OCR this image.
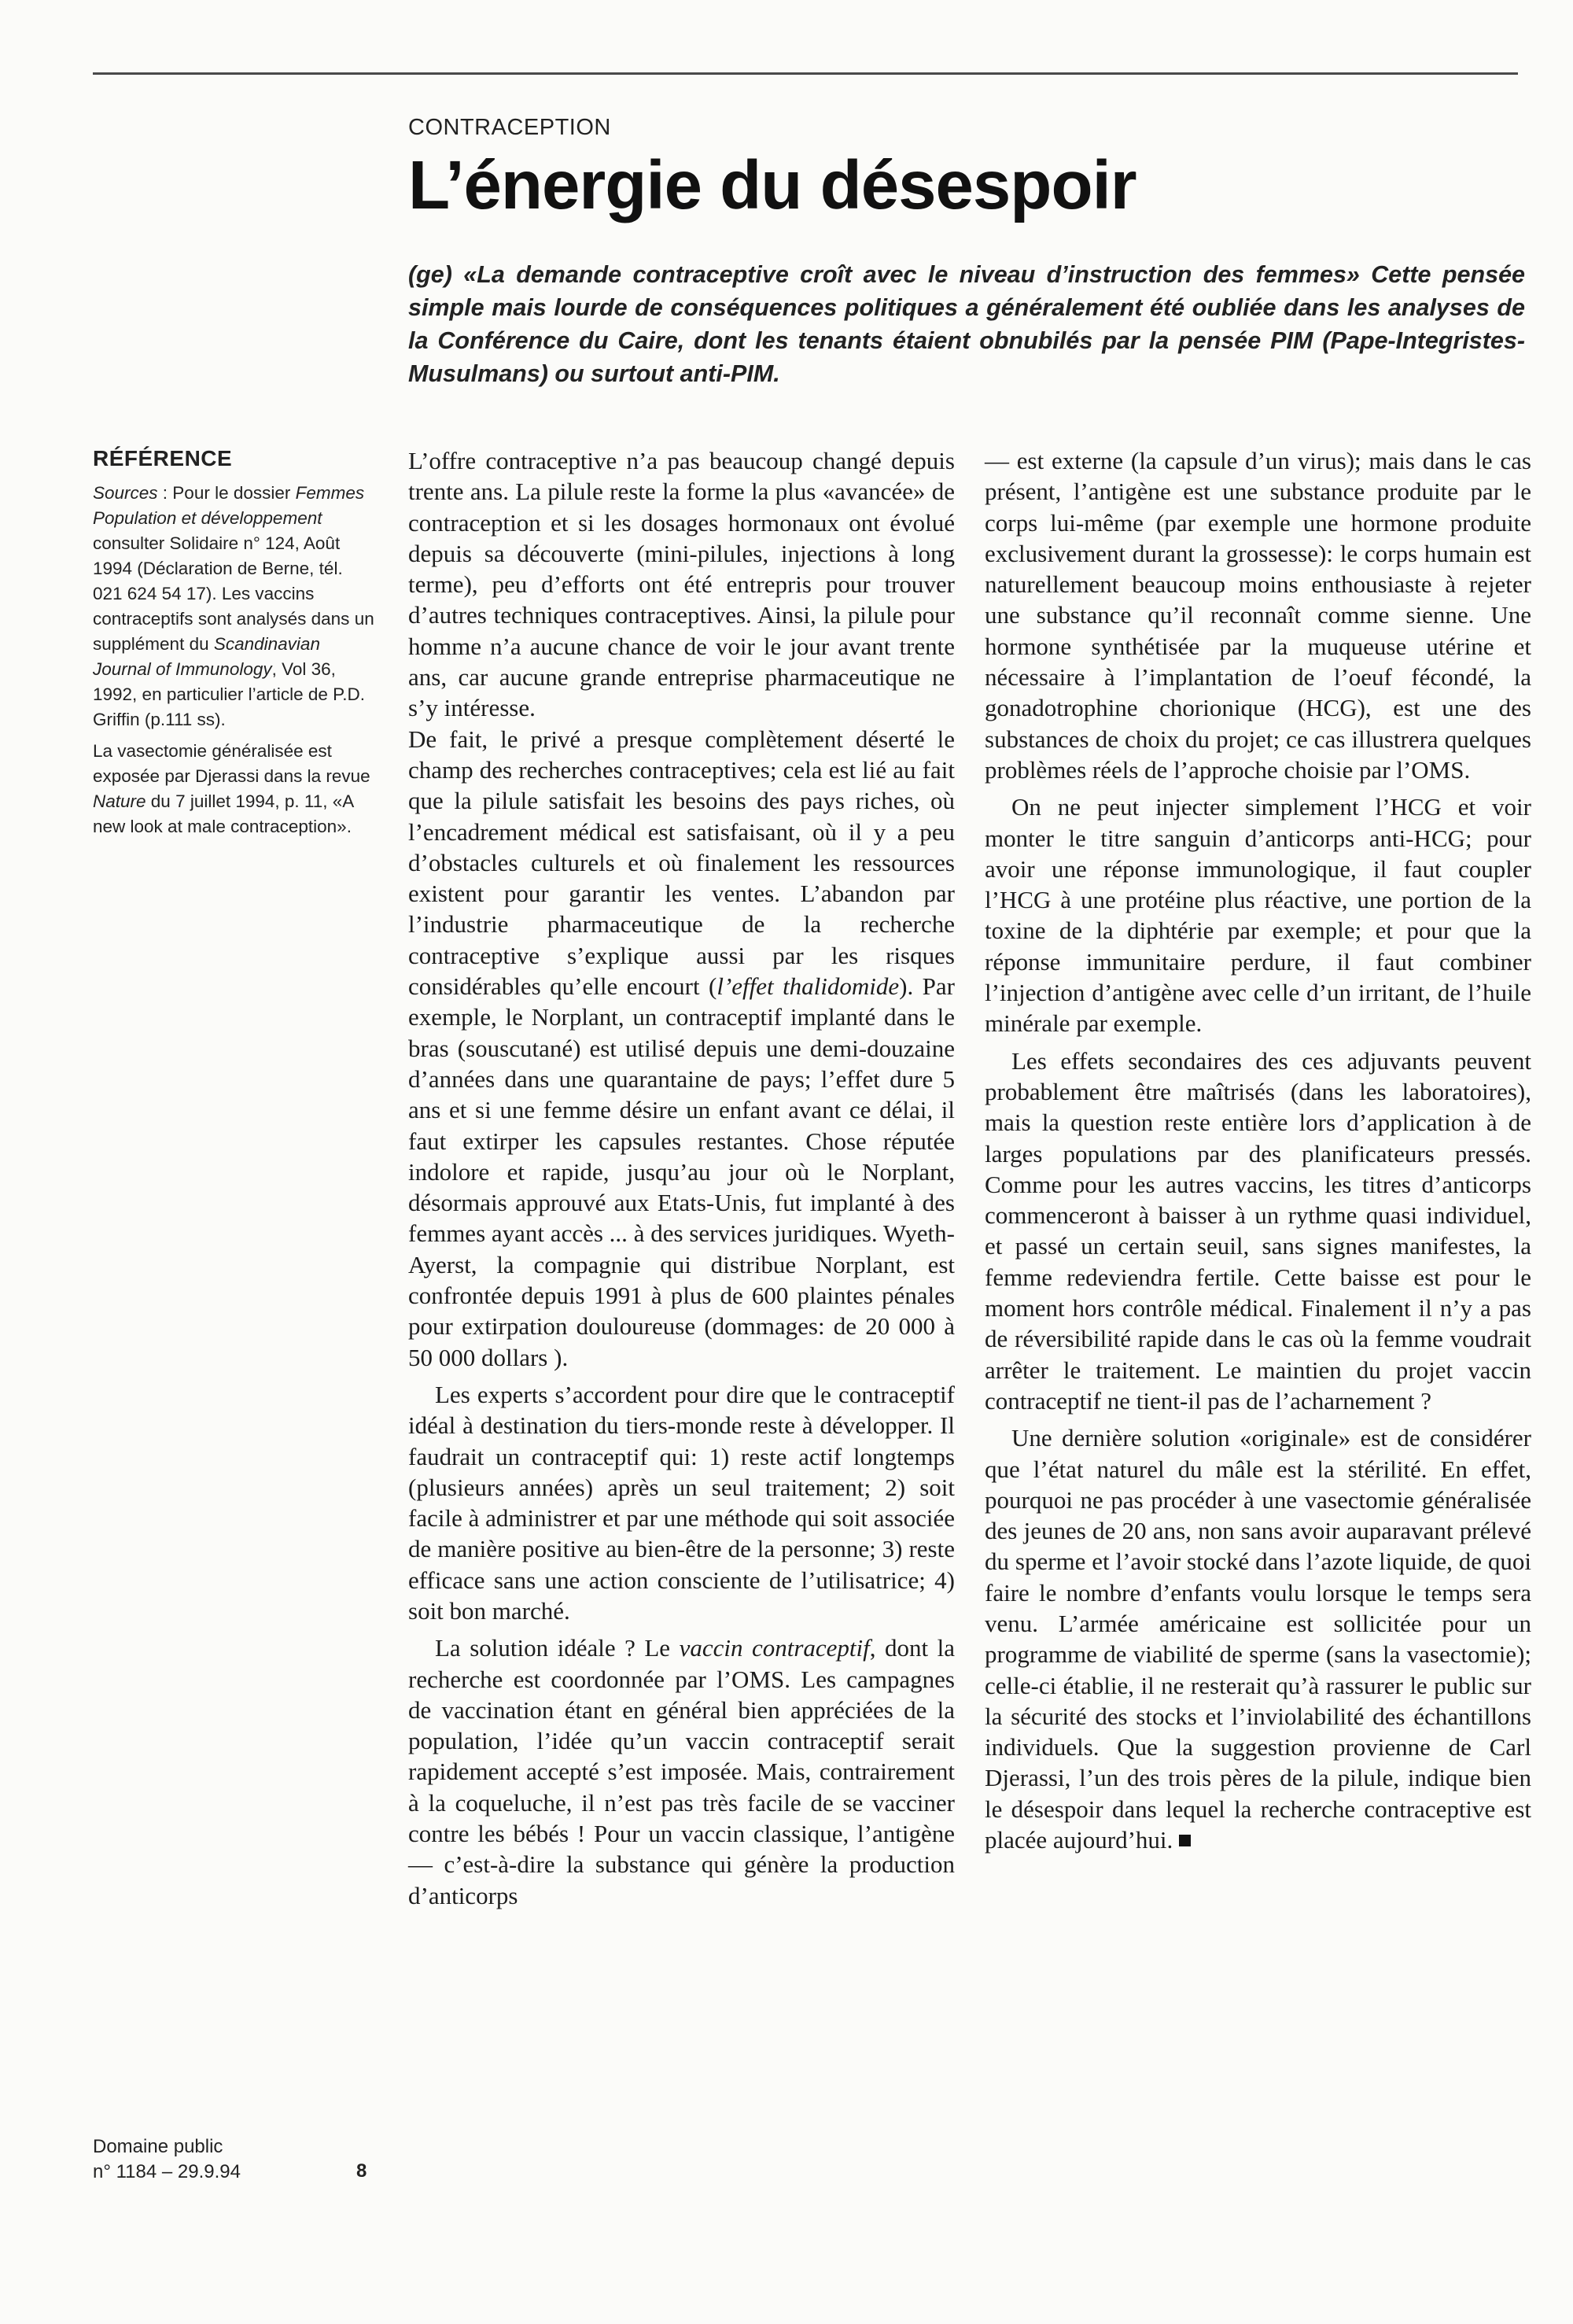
CONTRACEPTION
L’énergie du désespoir

(ge) «La demande contraceptive croît avec le niveau d’instruction des femmes» Cette pensée simple mais lourde de conséquences politiques a généralement été oubliée dans les analyses de la Conférence du Caire, dont les tenants étaient obnubilés par la pensée PIM (Pape-Integristes-Musulmans) ou surtout anti-PIM.

RÉFÉRENCE

Sources : Pour le dossier Femmes Population et développement consulter Solidaire n° 124, Août 1994 (Déclaration de Berne, tél. 021 624 54 17). Les vaccins contraceptifs sont analysés dans un supplément du Scandinavian Journal of Immunology, Vol 36, 1992, en particulier l’article de P.D. Griffin (p.111 ss).

La vasectomie généralisée est exposée par Djerassi dans la revue Nature du 7 juillet 1994, p. 11, «A new look at male contraception».

Domaine public
n° 1184 – 29.9.94	8

L’offre contraceptive n’a pas beaucoup changé depuis trente ans. La pilule reste la forme la plus «avancée» de contraception et si les dosages hormonaux ont évolué depuis sa découverte (mini-pilules, injections à long terme), peu d’efforts ont été entrepris pour trouver d’autres techniques contraceptives. Ainsi, la pilule pour homme n’a aucune chance de voir le jour avant trente ans, car aucune grande entreprise pharmaceutique ne s’y intéresse.

De fait, le privé a presque complètement déserté le champ des recherches contraceptives; cela est lié au fait que la pilule satisfait les besoins des pays riches, où l’encadrement médical est satisfaisant, où il y a peu d’obstacles culturels et où finalement les ressources existent pour garantir les ventes. L’abandon par l’industrie pharmaceutique de la recherche contraceptive s’explique aussi par les risques considérables qu’elle encourt (l’effet thalidomide). Par exemple, le Norplant, un contraceptif implanté dans le bras (souscutané) est utilisé depuis une demi-douzaine d’années dans une quarantaine de pays; l’effet dure 5 ans et si une femme désire un enfant avant ce délai, il faut extirper les capsules restantes. Chose réputée indolore et rapide, jusqu’au jour où le Norplant, désormais approuvé aux Etats-Unis, fut implanté à des femmes ayant accès ... à des services juridiques. Wyeth-Ayerst, la compagnie qui distribue Norplant, est confrontée depuis 1991 à plus de 600 plaintes pénales pour extirpation douloureuse (dommages: de 20 000 à 50 000 dollars ).

Les experts s’accordent pour dire que le contraceptif idéal à destination du tiers-monde reste à développer. Il faudrait un contraceptif qui: 1) reste actif longtemps (plusieurs années) après un seul traitement; 2) soit facile à administrer et par une méthode qui soit associée de manière positive au bien-être de la personne; 3) reste efficace sans une action consciente de l’utilisatrice; 4) soit bon marché.

La solution idéale ? Le vaccin contraceptif, dont la recherche est coordonnée par l’OMS. Les campagnes de vaccination étant en général bien appréciées de la population, l’idée qu’un vaccin contraceptif serait rapidement accepté s’est imposée. Mais, contrairement à la coqueluche, il n’est pas très facile de se vacciner contre les bébés ! Pour un vaccin classique, l’antigène — c’est-à-dire la substance qui génère la production d’anticorps

— est externe (la capsule d’un virus); mais dans le cas présent, l’antigène est une substance produite par le corps lui-même (par exemple une hormone produite exclusivement durant la grossesse): le corps humain est naturellement beaucoup moins enthousiaste à rejeter une substance qu’il reconnaît comme sienne. Une hormone synthétisée par la muqueuse utérine et nécessaire à l’implantation de l’oeuf fécondé, la gonadotrophine chorionique (HCG), est une des substances de choix du projet; ce cas illustrera quelques problèmes réels de l’approche choisie par l’OMS.

On ne peut injecter simplement l’HCG et voir monter le titre sanguin d’anticorps anti-HCG; pour avoir une réponse immunologique, il faut coupler l’HCG à une protéine plus réactive, une portion de la toxine de la diphtérie par exemple; et pour que la réponse immunitaire perdure, il faut combiner l’injection d’antigène avec celle d’un irritant, de l’huile minérale par exemple.

Les effets secondaires des ces adjuvants peuvent probablement être maîtrisés (dans les laboratoires), mais la question reste entière lors d’application à de larges populations par des planificateurs pressés. Comme pour les autres vaccins, les titres d’anticorps commenceront à baisser à un rythme quasi individuel, et passé un certain seuil, sans signes manifestes, la femme redeviendra fertile. Cette baisse est pour le moment hors contrôle médical. Finalement il n’y a pas de réversibilité rapide dans le cas où la femme voudrait arrêter le traitement. Le maintien du projet vaccin contraceptif ne tient-il pas de l’acharnement ?

Une dernière solution «originale» est de considérer que l’état naturel du mâle est la stérilité. En effet, pourquoi ne pas procéder à une vasectomie généralisée des jeunes de 20 ans, non sans avoir auparavant prélevé du sperme et l’avoir stocké dans l’azote liquide, de quoi faire le nombre d’enfants voulu lorsque le temps sera venu. L’armée américaine est sollicitée pour un programme de viabilité de sperme (sans la vasectomie); celle-ci établie, il ne resterait qu’à rassurer le public sur la sécurité des stocks et l’inviolabilité des échantillons individuels. Que la suggestion provienne de Carl Djerassi, l’un des trois pères de la pilule, indique bien le désespoir dans lequel la recherche contraceptive est placée aujourd’hui.
